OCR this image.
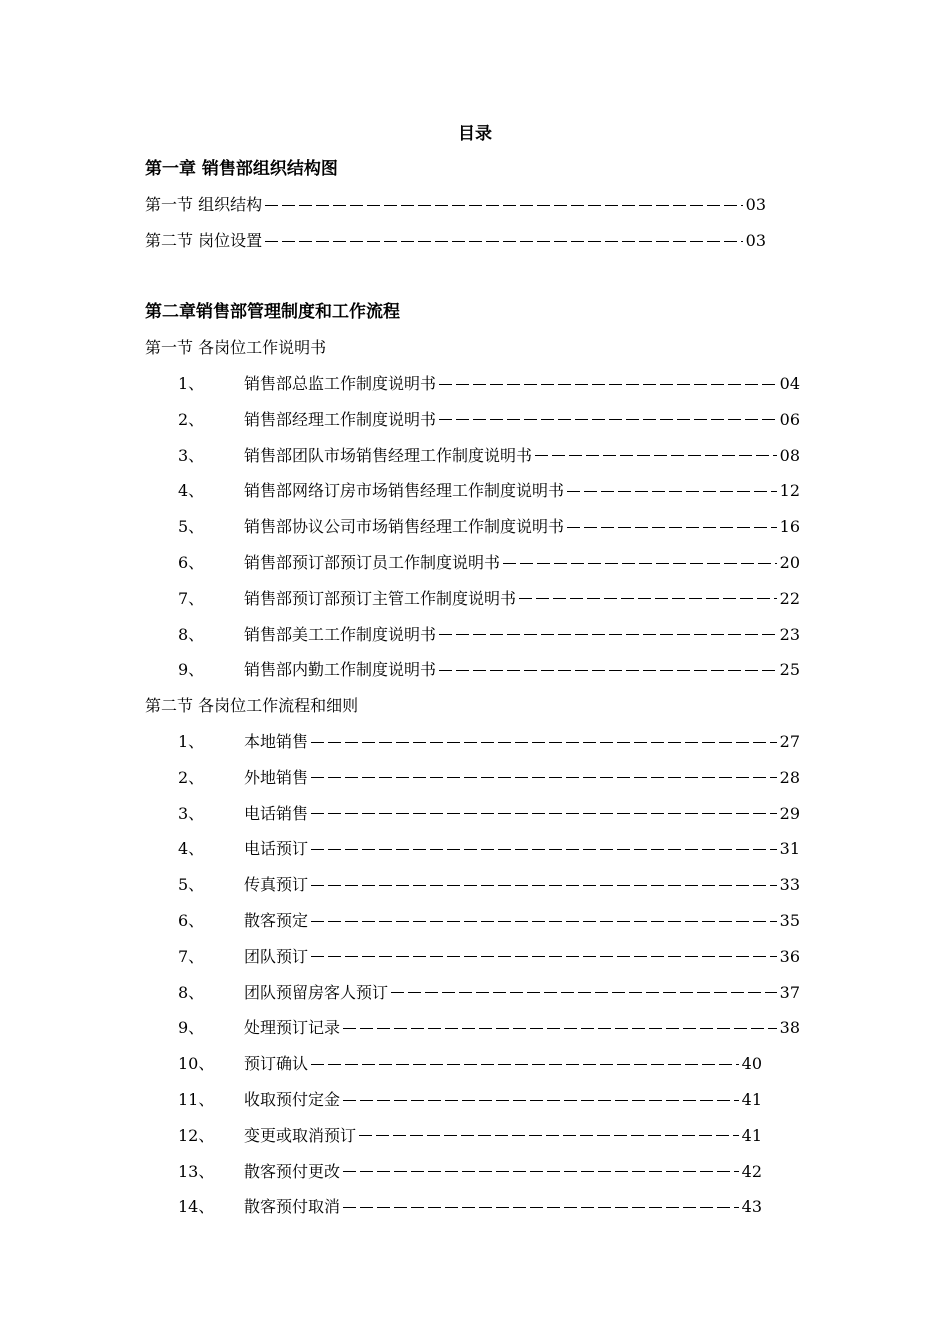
目录
第一章 销售部组织结构图
第一节 组织结构	03
第二节 岗位设置	03
第二章销售部管理制度和工作流程
第一节 各岗位工作说明书
1、	销售部总监工作制度说明书	04
2、	销售部经理工作制度说明书	06
3、	销售部团队市场销售经理工作制度说明书	08
4、	销售部网络订房市场销售经理工作制度说明书	12
5、	销售部协议公司市场销售经理工作制度说明书	16
6、	销售部预订部预订员工作制度说明书	20
7、	销售部预订部预订主管工作制度说明书	22
8、	销售部美工工作制度说明书	23
9、	销售部内勤工作制度说明书	25
第二节 各岗位工作流程和细则
1、	本地销售	27
2、	外地销售	28
3、	电话销售	29
4、	电话预订	31
5、	传真预订	33
6、	散客预定	35
7、	团队预订	36
8、	团队预留房客人预订	37
9、	处理预订记录	38
10、	预订确认	40
11、	收取预付定金	41
12、	变更或取消预订	41
13、	散客预付更改	42
14、	散客预付取消	43
